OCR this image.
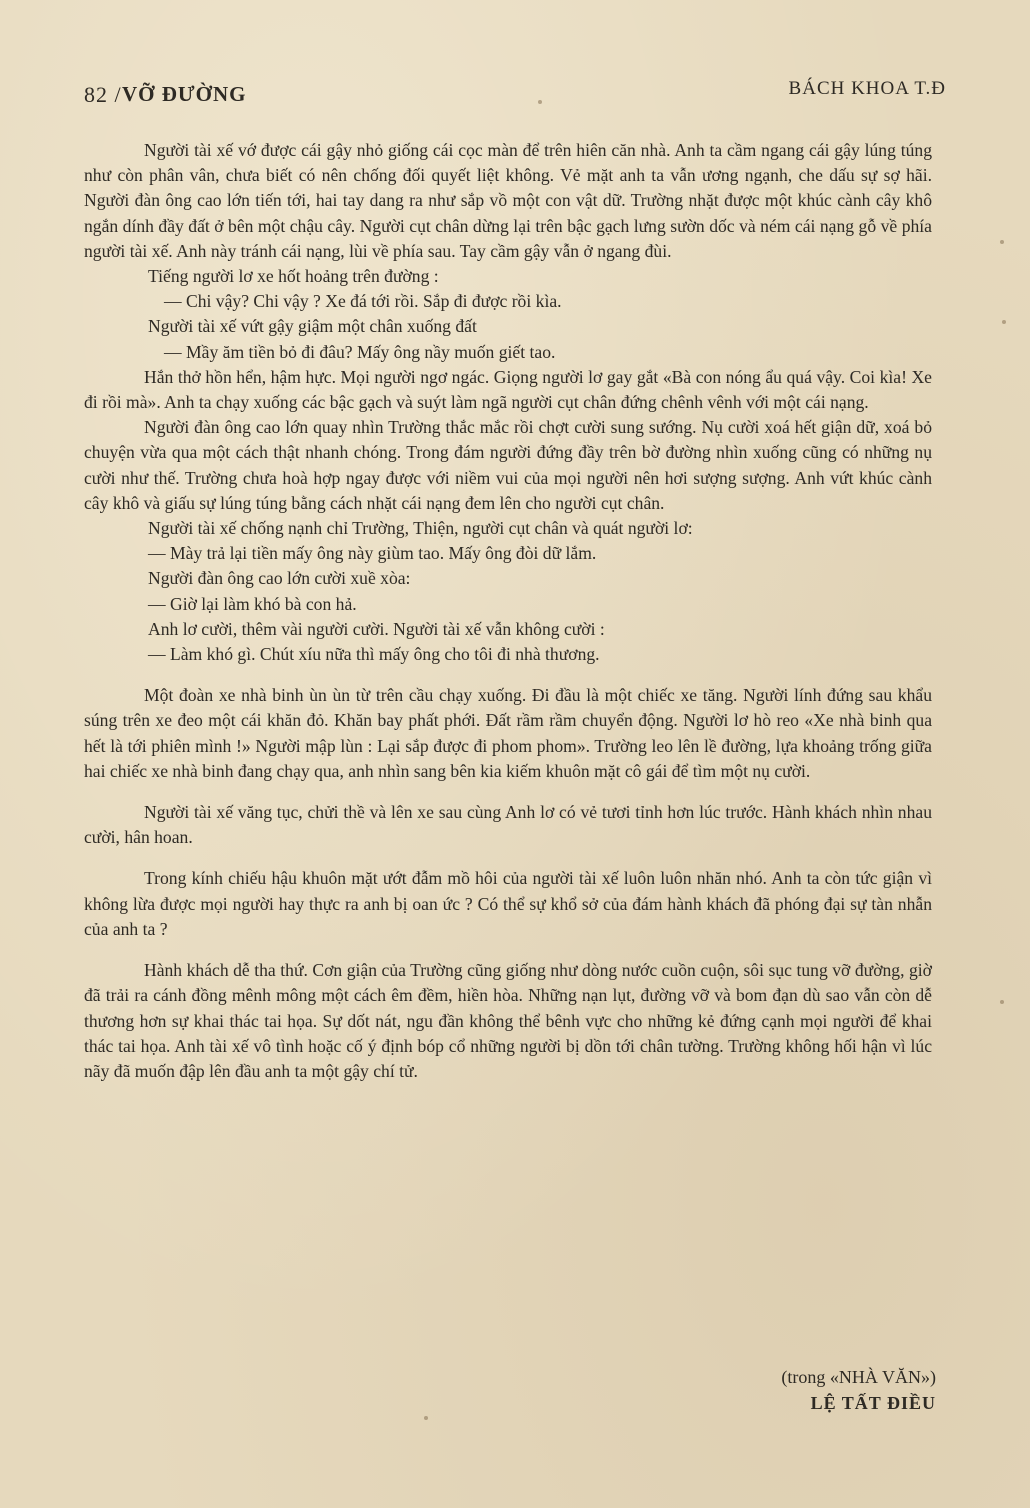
82 / VỠ ĐƯỜNG	BÁCH KHOA T.Đ

Người tài xế vớ được cái gậy nhỏ giống cái cọc màn để trên hiên căn nhà. Anh ta cầm ngang cái gậy lúng túng như còn phân vân, chưa biết có nên chống đối quyết liệt không. Vẻ mặt anh ta vẫn ương ngạnh, che dấu sự sợ hãi. Người đàn ông cao lớn tiến tới, hai tay dang ra như sắp vồ một con vật dữ. Trường nhặt được một khúc cành cây khô ngắn dính đầy đất ở bên một chậu cây. Người cụt chân dừng lại trên bậc gạch lưng sườn dốc và ném cái nạng gỗ về phía người tài xế. Anh này tránh cái nạng, lùi về phía sau. Tay cầm gậy vẫn ở ngang đùi.

Tiếng người lơ xe hốt hoảng trên đường :

— Chi vậy? Chi vậy ? Xe đá tới rồi. Sắp đi được rồi kìa.

Người tài xế vứt gậy giậm một chân xuống đất

— Mầy ăm tiền bỏ đi đâu? Mấy ông nầy muốn giết tao.

Hắn thở hồn hển, hậm hực. Mọi người ngơ ngác. Giọng người lơ gay gắt «Bà con nóng ẩu quá vậy. Coi kìa! Xe đi rồi mà». Anh ta chạy xuống các bậc gạch và suýt làm ngã người cụt chân đứng chênh vênh với một cái nạng.

Người đàn ông cao lớn quay nhìn Trường thắc mắc rồi chợt cười sung sướng. Nụ cười xoá hết giận dữ, xoá bỏ chuyện vừa qua một cách thật nhanh chóng. Trong đám người đứng đầy trên bờ đường nhìn xuống cũng có những nụ cười như thế. Trường chưa hoà hợp ngay được với niềm vui của mọi người nên hơi sượng sượng. Anh vứt khúc cành cây khô và giấu sự lúng túng bằng cách nhặt cái nạng đem lên cho người cụt chân.

Người tài xế chống nạnh chỉ Trường, Thiện, người cụt chân và quát người lơ:

— Mày trả lại tiền mấy ông này giùm tao. Mấy ông đòi dữ lắm.

Người đàn ông cao lớn cười xuề xòa:

— Giờ lại làm khó bà con hả.

Anh lơ cười, thêm vài người cười. Người tài xế vẫn không cười :

— Làm khó gì. Chút xíu nữa thì mấy ông cho tôi đi nhà thương.

Một đoàn xe nhà binh ùn ùn từ trên cầu chạy xuống. Đi đầu là một chiếc xe tăng. Người lính đứng sau khẩu súng trên xe đeo một cái khăn đỏ. Khăn bay phất phới. Đất rầm rầm chuyển động. Người lơ hò reo «Xe nhà binh qua hết là tới phiên mình !» Người mập lùn : Lại sắp được đi phom phom». Trường leo lên lề đường, lựa khoảng trống giữa hai chiếc xe nhà binh đang chạy qua, anh nhìn sang bên kia kiếm khuôn mặt cô gái để tìm một nụ cười.

Người tài xế văng tục, chửi thề và lên xe sau cùng Anh lơ có vẻ tươi tỉnh hơn lúc trước. Hành khách nhìn nhau cười, hân hoan.

Trong kính chiếu hậu khuôn mặt ướt đẫm mồ hôi của người tài xế luôn luôn nhăn nhó. Anh ta còn tức giận vì không lừa được mọi người hay thực ra anh bị oan ức ? Có thể sự khổ sở của đám hành khách đã phóng đại sự tàn nhẫn của anh ta ?

Hành khách dễ tha thứ. Cơn giận của Trường cũng giống như dòng nước cuồn cuộn, sôi sục tung vỡ đường, giờ đã trải ra cánh đồng mênh mông một cách êm đềm, hiền hòa. Những nạn lụt, đường vỡ và bom đạn dù sao vẫn còn dễ thương hơn sự khai thác tai họa. Sự dốt nát, ngu đần không thể bênh vực cho những kẻ đứng cạnh mọi người để khai thác tai họa. Anh tài xế vô tình hoặc cố ý định bóp cổ những người bị dồn tới chân tường. Trường không hối hận vì lúc nãy đã muốn đập lên đầu anh ta một gậy chí tử.

(trong «NHÀ VĂN»)
LỆ TẤT ĐIỀU
